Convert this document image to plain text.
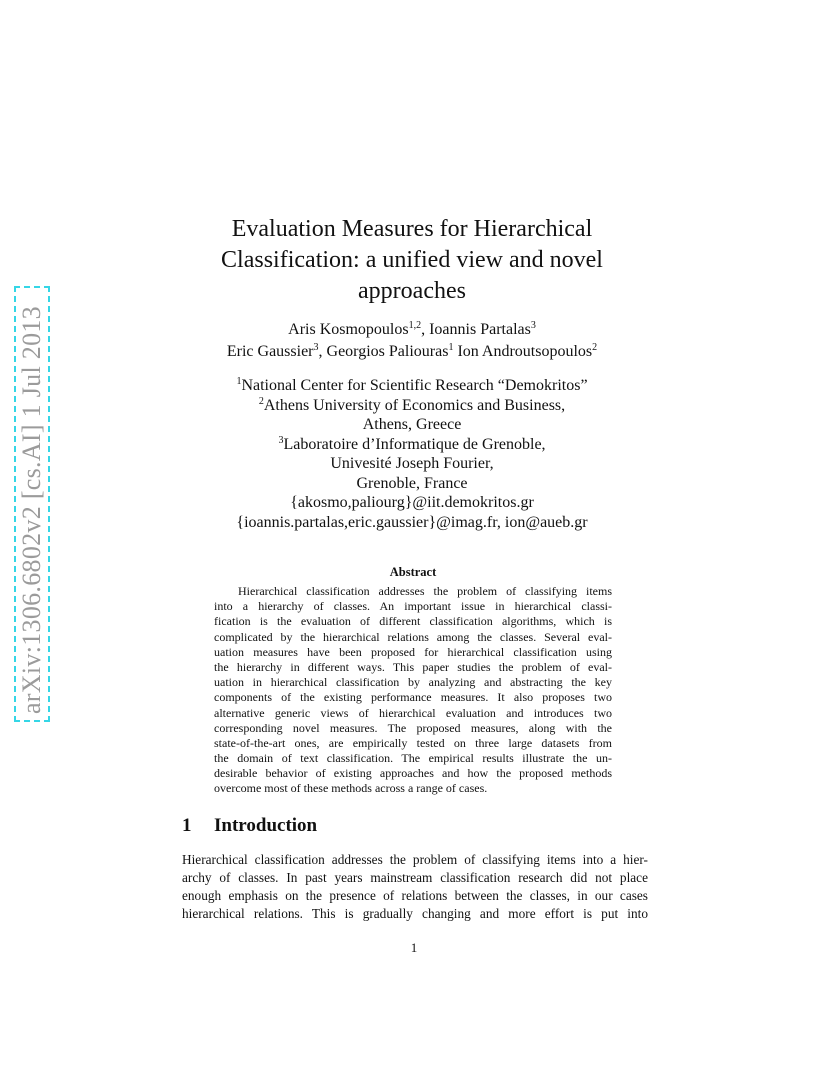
arXiv:1306.6802v2 [cs.AI] 1 Jul 2013
Evaluation Measures for Hierarchical
Classification: a unified view and novel
approaches
Aris Kosmopoulos$^{1,2}$, Ioannis Partalas$^3$
Eric Gaussier$^3$, Georgios Paliouras$^1$ Ion Androutsopoulos$^2$
$^1$National Center for Scientific Research “Demokritos”
$^2$Athens University of Economics and Business,
Athens, Greece
$^3$Laboratoire d’Informatique de Grenoble,
Univesité Joseph Fourier,
Grenoble, France
{akosmo,paliourg}@iit.demokritos.gr
{ioannis.partalas,eric.gaussier}@imag.fr, ion@aueb.gr
Abstract
  Hierarchical classification addresses the problem of classifying items
into a hierarchy of classes. An important issue in hierarchical classi-
fication is the evaluation of different classification algorithms, which is
complicated by the hierarchical relations among the classes. Several eval-
uation measures have been proposed for hierarchical classification using
the hierarchy in different ways. This paper studies the problem of eval-
uation in hierarchical classification by analyzing and abstracting the key
components of the existing performance measures. It also proposes two
alternative generic views of hierarchical evaluation and introduces two
corresponding novel measures. The proposed measures, along with the
state-of-the-art ones, are empirically tested on three large datasets from
the domain of text classification. The empirical results illustrate the un-
desirable behavior of existing approaches and how the proposed methods
overcome most of these methods across a range of cases.
1 Introduction
Hierarchical classification addresses the problem of classifying items into a hier-
archy of classes. In past years mainstream classification research did not place
enough emphasis on the presence of relations between the classes, in our cases
hierarchical relations. This is gradually changing and more effort is put into
1
